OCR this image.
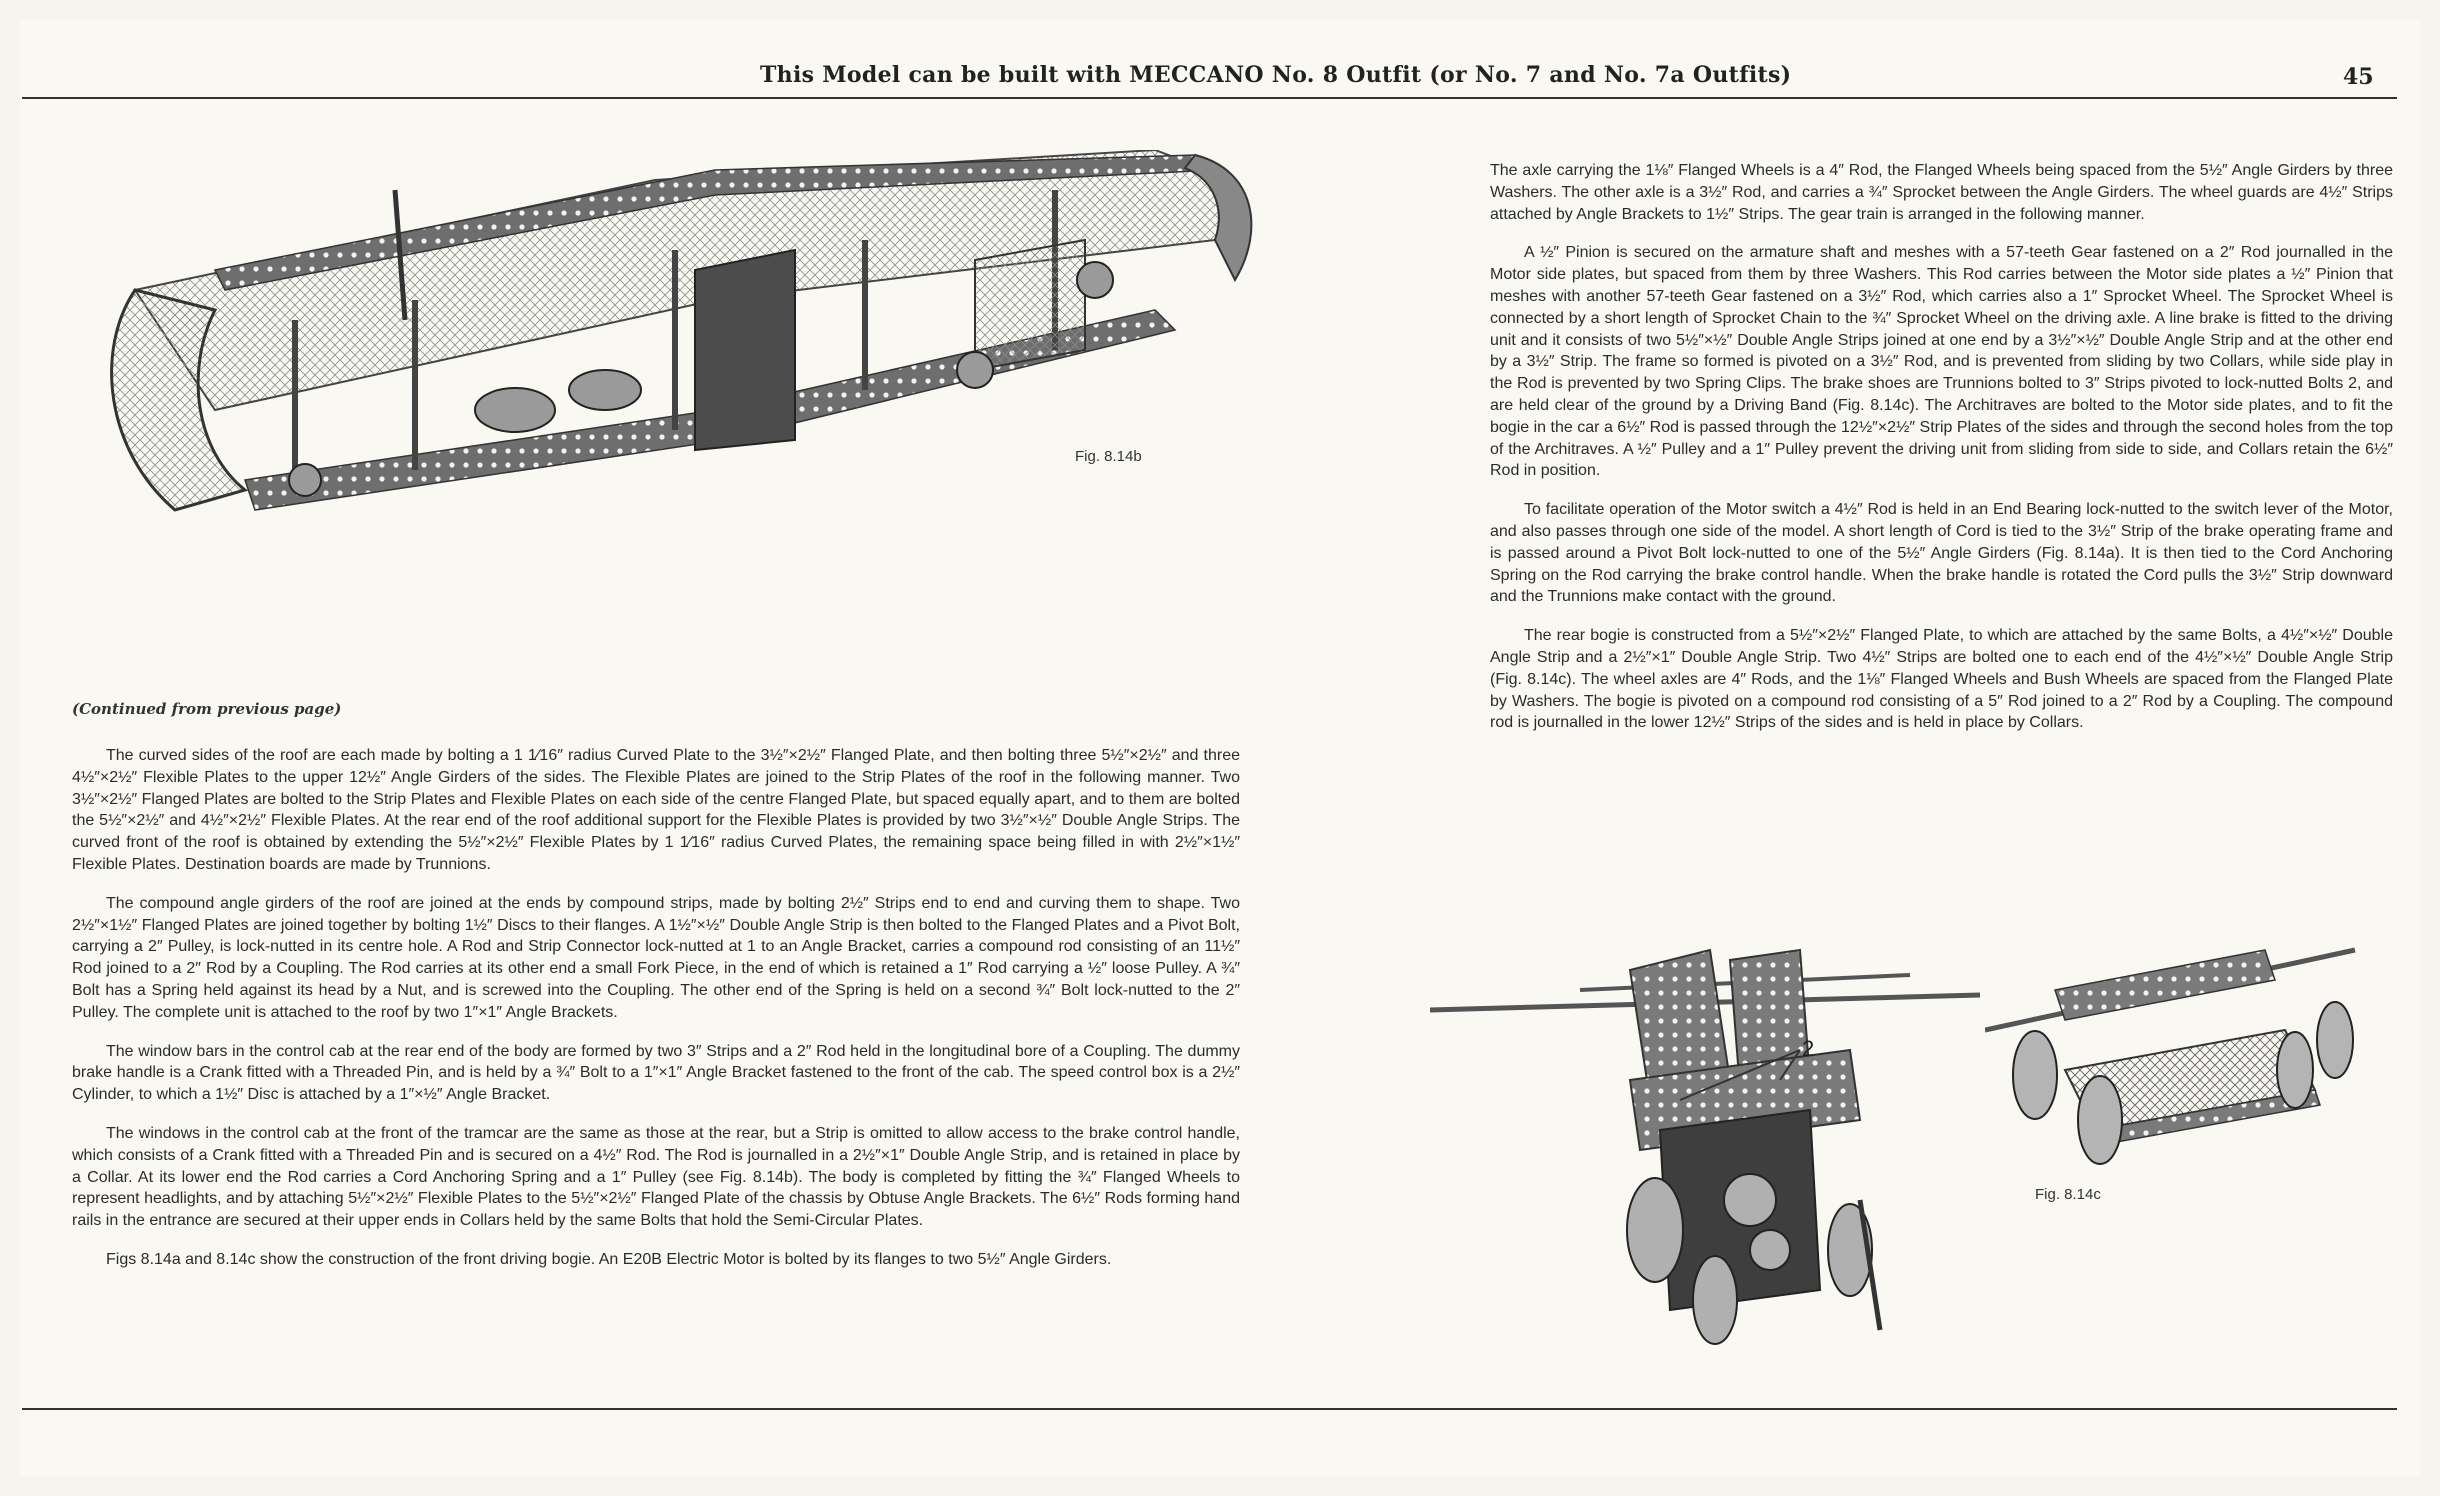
This Model can be built with MECCANO No. 8 Outfit (or No. 7 and No. 7a Outfits)	45
Fig. 8.14b
(Continued from previous page)

The curved sides of the roof are each made by bolting a 1 1⁄16″ radius Curved Plate to the 3½″×2½″ Flanged Plate, and then bolting three 5½″×2½″ and three 4½″×2½″ Flexible Plates to the upper 12½″ Angle Girders of the sides. The Flexible Plates are joined to the Strip Plates of the roof in the following manner. Two 3½″×2½″ Flanged Plates are bolted to the Strip Plates and Flexible Plates on each side of the centre Flanged Plate, but spaced equally apart, and to them are bolted the 5½″×2½″ and 4½″×2½″ Flexible Plates. At the rear end of the roof additional support for the Flexible Plates is provided by two 3½″×½″ Double Angle Strips. The curved front of the roof is obtained by extending the 5½″×2½″ Flexible Plates by 1 1⁄16″ radius Curved Plates, the remaining space being filled in with 2½″×1½″ Flexible Plates. Destination boards are made by Trunnions.

The compound angle girders of the roof are joined at the ends by compound strips, made by bolting 2½″ Strips end to end and curving them to shape. Two 2½″×1½″ Flanged Plates are joined together by bolting 1½″ Discs to their flanges. A 1½″×½″ Double Angle Strip is then bolted to the Flanged Plates and a Pivot Bolt, carrying a 2″ Pulley, is lock-nutted in its centre hole. A Rod and Strip Connector lock-nutted at 1 to an Angle Bracket, carries a compound rod consisting of an 11½″ Rod joined to a 2″ Rod by a Coupling. The Rod carries at its other end a small Fork Piece, in the end of which is retained a 1″ Rod carrying a ½″ loose Pulley. A ¾″ Bolt has a Spring held against its head by a Nut, and is screwed into the Coupling. The other end of the Spring is held on a second ¾″ Bolt lock-nutted to the 2″ Pulley. The complete unit is attached to the roof by two 1″×1″ Angle Brackets.

The window bars in the control cab at the rear end of the body are formed by two 3″ Strips and a 2″ Rod held in the longitudinal bore of a Coupling. The dummy brake handle is a Crank fitted with a Threaded Pin, and is held by a ¾″ Bolt to a 1″×1″ Angle Bracket fastened to the front of the cab. The speed control box is a 2½″ Cylinder, to which a 1½″ Disc is attached by a 1″×½″ Angle Bracket.

The windows in the control cab at the front of the tramcar are the same as those at the rear, but a Strip is omitted to allow access to the brake control handle, which consists of a Crank fitted with a Threaded Pin and is secured on a 4½″ Rod. The Rod is journalled in a 2½″×1″ Double Angle Strip, and is retained in place by a Collar. At its lower end the Rod carries a Cord Anchoring Spring and a 1″ Pulley (see Fig. 8.14b). The body is completed by fitting the ¾″ Flanged Wheels to represent headlights, and by attaching 5½″×2½″ Flexible Plates to the 5½″×2½″ Flanged Plate of the chassis by Obtuse Angle Brackets. The 6½″ Rods forming hand rails in the entrance are secured at their upper ends in Collars held by the same Bolts that hold the Semi-Circular Plates.

Figs 8.14a and 8.14c show the construction of the front driving bogie. An E20B Electric Motor is bolted by its flanges to two 5½″ Angle Girders.

The axle carrying the 1⅛″ Flanged Wheels is a 4″ Rod, the Flanged Wheels being spaced from the 5½″ Angle Girders by three Washers. The other axle is a 3½″ Rod, and carries a ¾″ Sprocket between the Angle Girders. The wheel guards are 4½″ Strips attached by Angle Brackets to 1½″ Strips. The gear train is arranged in the following manner.

A ½″ Pinion is secured on the armature shaft and meshes with a 57-teeth Gear fastened on a 2″ Rod journalled in the Motor side plates, but spaced from them by three Washers. This Rod carries between the Motor side plates a ½″ Pinion that meshes with another 57-teeth Gear fastened on a 3½″ Rod, which carries also a 1″ Sprocket Wheel. The Sprocket Wheel is connected by a short length of Sprocket Chain to the ¾″ Sprocket Wheel on the driving axle. A line brake is fitted to the driving unit and it consists of two 5½″×½″ Double Angle Strips joined at one end by a 3½″×½″ Double Angle Strip and at the other end by a 3½″ Strip. The frame so formed is pivoted on a 3½″ Rod, and is prevented from sliding by two Collars, while side play in the Rod is prevented by two Spring Clips. The brake shoes are Trunnions bolted to 3″ Strips pivoted to lock-nutted Bolts 2, and are held clear of the ground by a Driving Band (Fig. 8.14c). The Architraves are bolted to the Motor side plates, and to fit the bogie in the car a 6½″ Rod is passed through the 12½″×2½″ Strip Plates of the sides and through the second holes from the top of the Architraves. A ½″ Pulley and a 1″ Pulley prevent the driving unit from sliding from side to side, and Collars retain the 6½″ Rod in position.

To facilitate operation of the Motor switch a 4½″ Rod is held in an End Bearing lock-nutted to the switch lever of the Motor, and also passes through one side of the model. A short length of Cord is tied to the 3½″ Strip of the brake operating frame and is passed around a Pivot Bolt lock-nutted to one of the 5½″ Angle Girders (Fig. 8.14a). It is then tied to the Cord Anchoring Spring on the Rod carrying the brake control handle. When the brake handle is rotated the Cord pulls the 3½″ Strip downward and the Trunnions make contact with the ground.

The rear bogie is constructed from a 5½″×2½″ Flanged Plate, to which are attached by the same Bolts, a 4½″×½″ Double Angle Strip and a 2½″×1″ Double Angle Strip. Two 4½″ Strips are bolted one to each end of the 4½″×½″ Double Angle Strip (Fig. 8.14c). The wheel axles are 4″ Rods, and the 1⅛″ Flanged Wheels and Bush Wheels are spaced from the Flanged Plate by Washers. The bogie is pivoted on a compound rod consisting of a 5″ Rod joined to a 2″ Rod by a Coupling. The compound rod is journalled in the lower 12½″ Strips of the sides and is held in place by Collars.

2
Fig. 8.14c
